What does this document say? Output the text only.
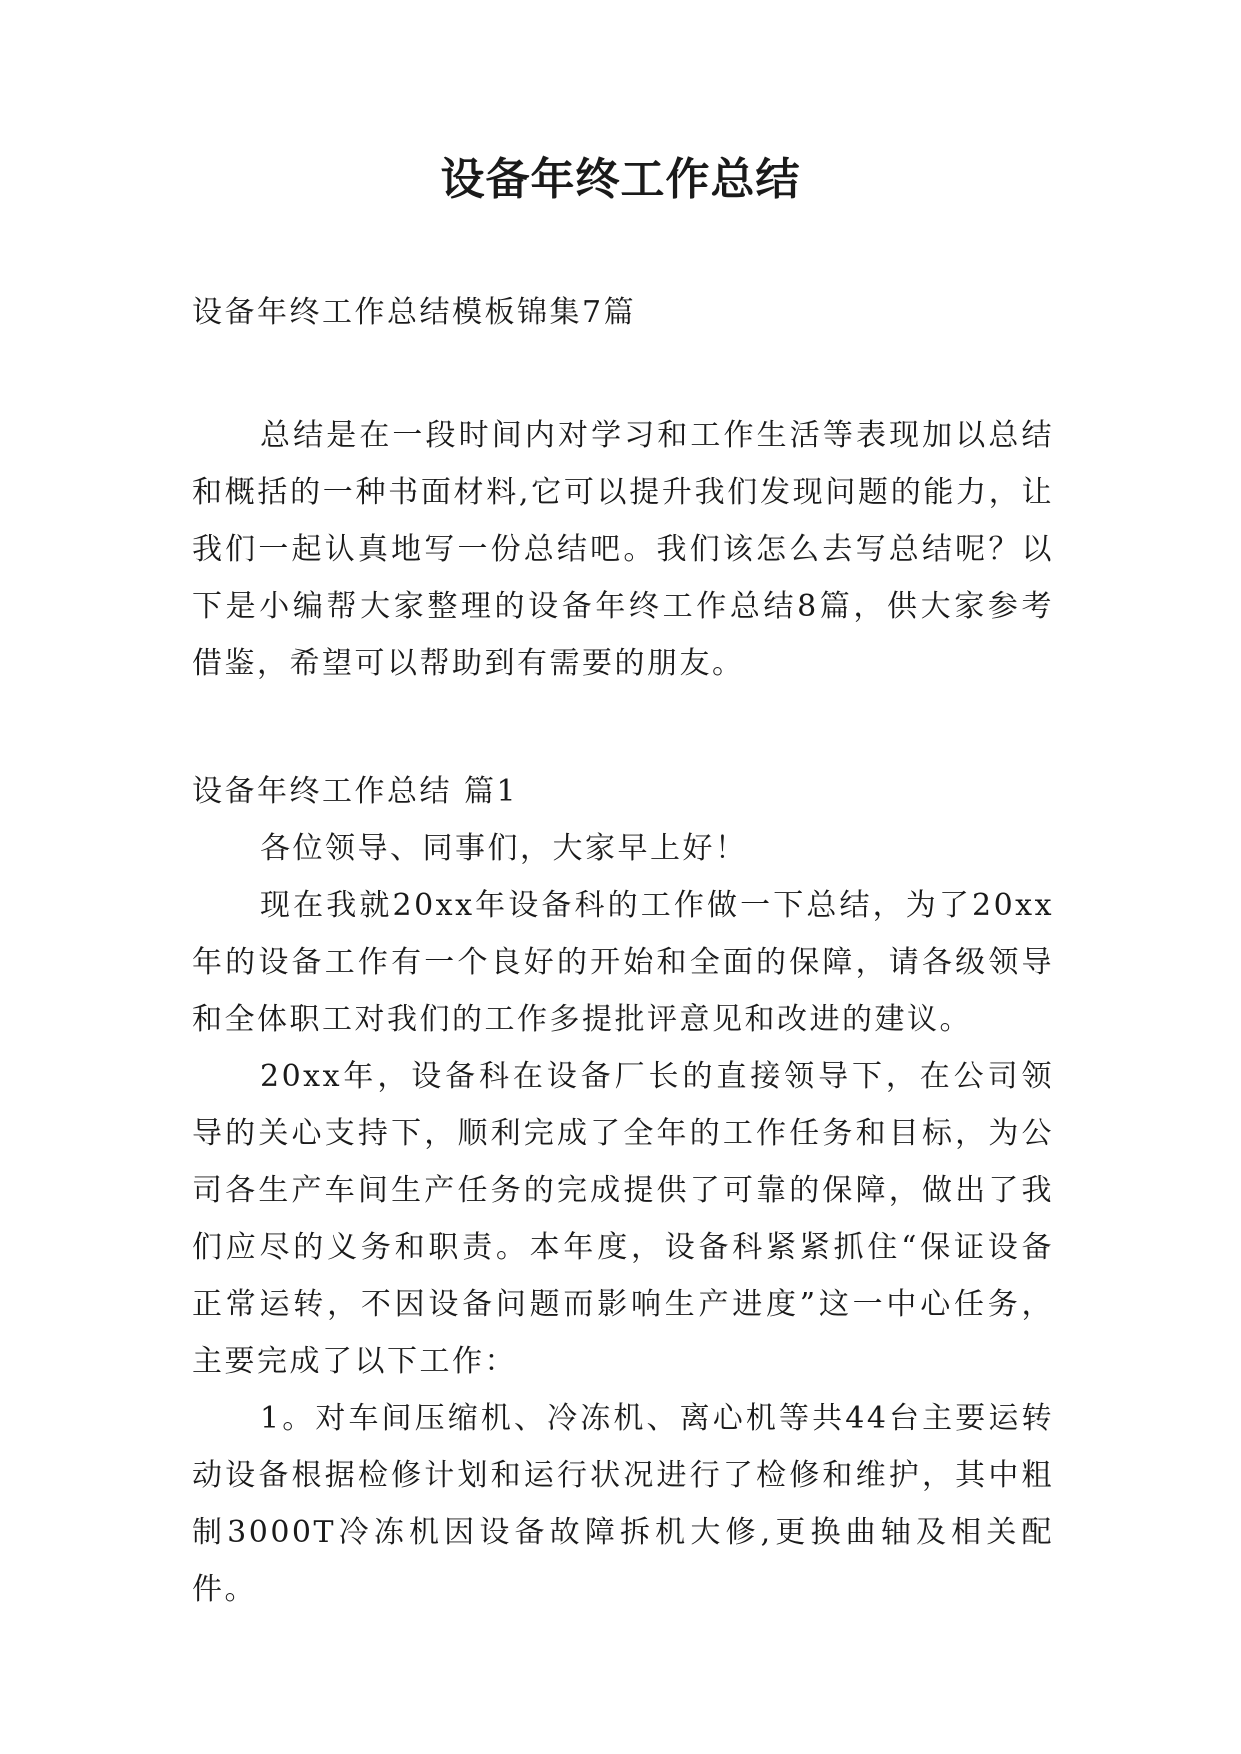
设备年终工作总结

设备年终工作总结模板锦集7篇

总结是在一段时间内对学习和工作生活等表现加以总结和概括的一种书面材料,它可以提升我们发现问题的能力，让我们一起认真地写一份总结吧。我们该怎么去写总结呢？以下是小编帮大家整理的设备年终工作总结8篇，供大家参考借鉴，希望可以帮助到有需要的朋友。

设备年终工作总结 篇1

各位领导、同事们，大家早上好！

现在我就20xx年设备科的工作做一下总结，为了20xx年的设备工作有一个良好的开始和全面的保障，请各级领导和全体职工对我们的工作多提批评意见和改进的建议。

20xx年，设备科在设备厂长的直接领导下，在公司领导的关心支持下，顺利完成了全年的工作任务和目标，为公司各生产车间生产任务的完成提供了可靠的保障，做出了我们应尽的义务和职责。本年度，设备科紧紧抓住“保证设备正常运转，不因设备问题而影响生产进度”这一中心任务，主要完成了以下工作：

1。对车间压缩机、冷冻机、离心机等共44台主要运转动设备根据检修计划和运行状况进行了检修和维护，其中粗制3000T冷冻机因设备故障拆机大修,更换曲轴及相关配件。
